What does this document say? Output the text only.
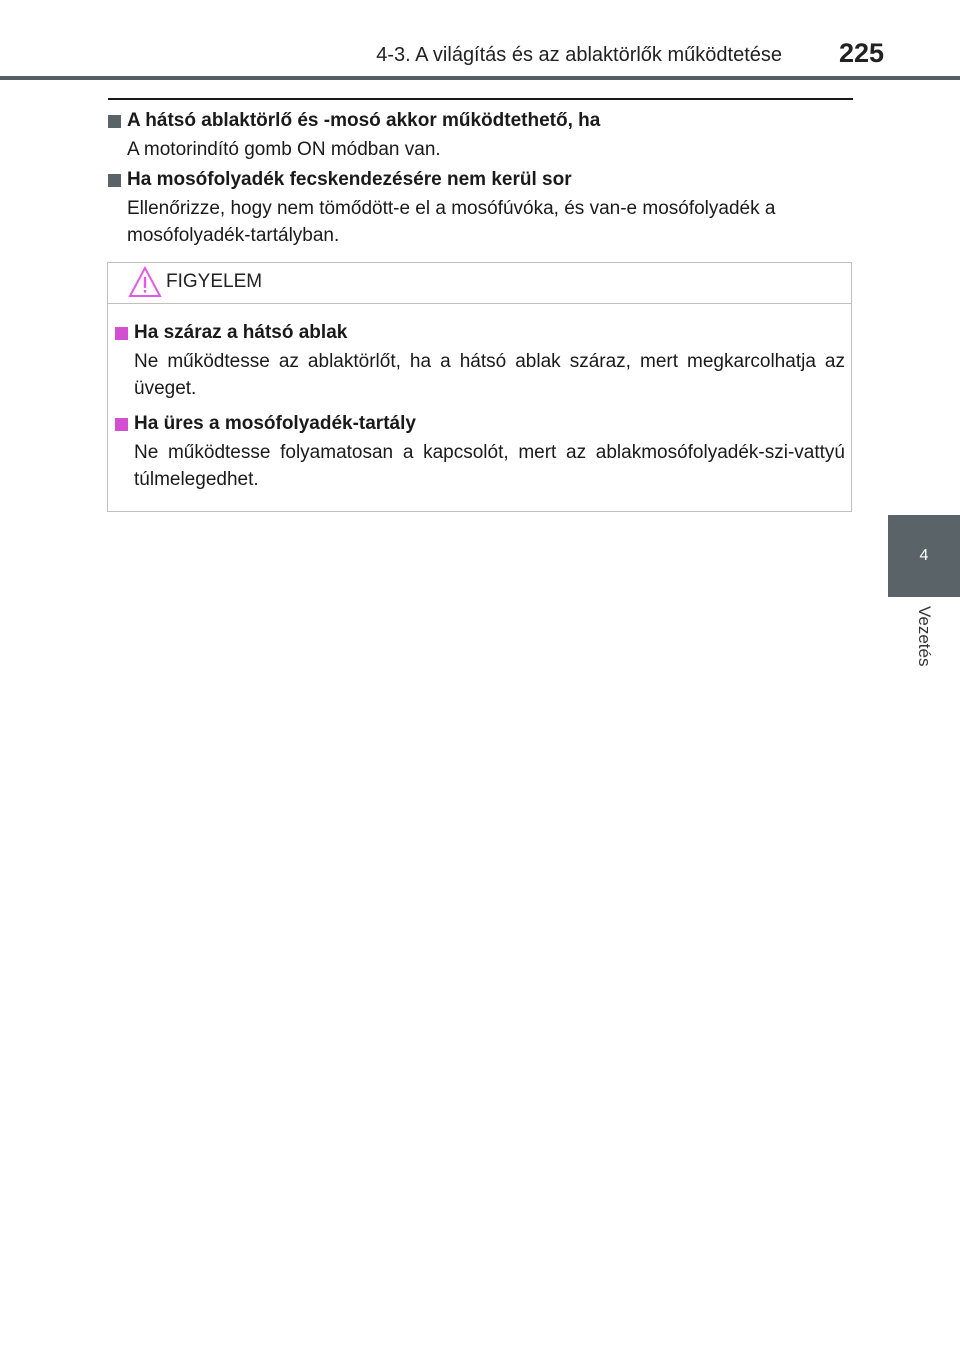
4-3. A világítás és az ablaktörlők működtetése 225
4
Vezetés
A hátsó ablaktörlő és -mosó akkor működtethető, ha
A motorindító gomb ON módban van.
Ha mosófolyadék fecskendezésére nem kerül sor
Ellenőrizze, hogy nem tömődött-e el a mosófúvóka, és van-e mosófolyadék a mosófolyadék-tartályban.
FIGYELEM
Ha száraz a hátsó ablak
Ne működtesse az ablaktörlőt, ha a hátsó ablak száraz, mert megkarcolhatja az üveget.
Ha üres a mosófolyadék-tartály
Ne működtesse folyamatosan a kapcsolót, mert az ablakmosófolyadék-szi-vattyú túlmelegedhet.
